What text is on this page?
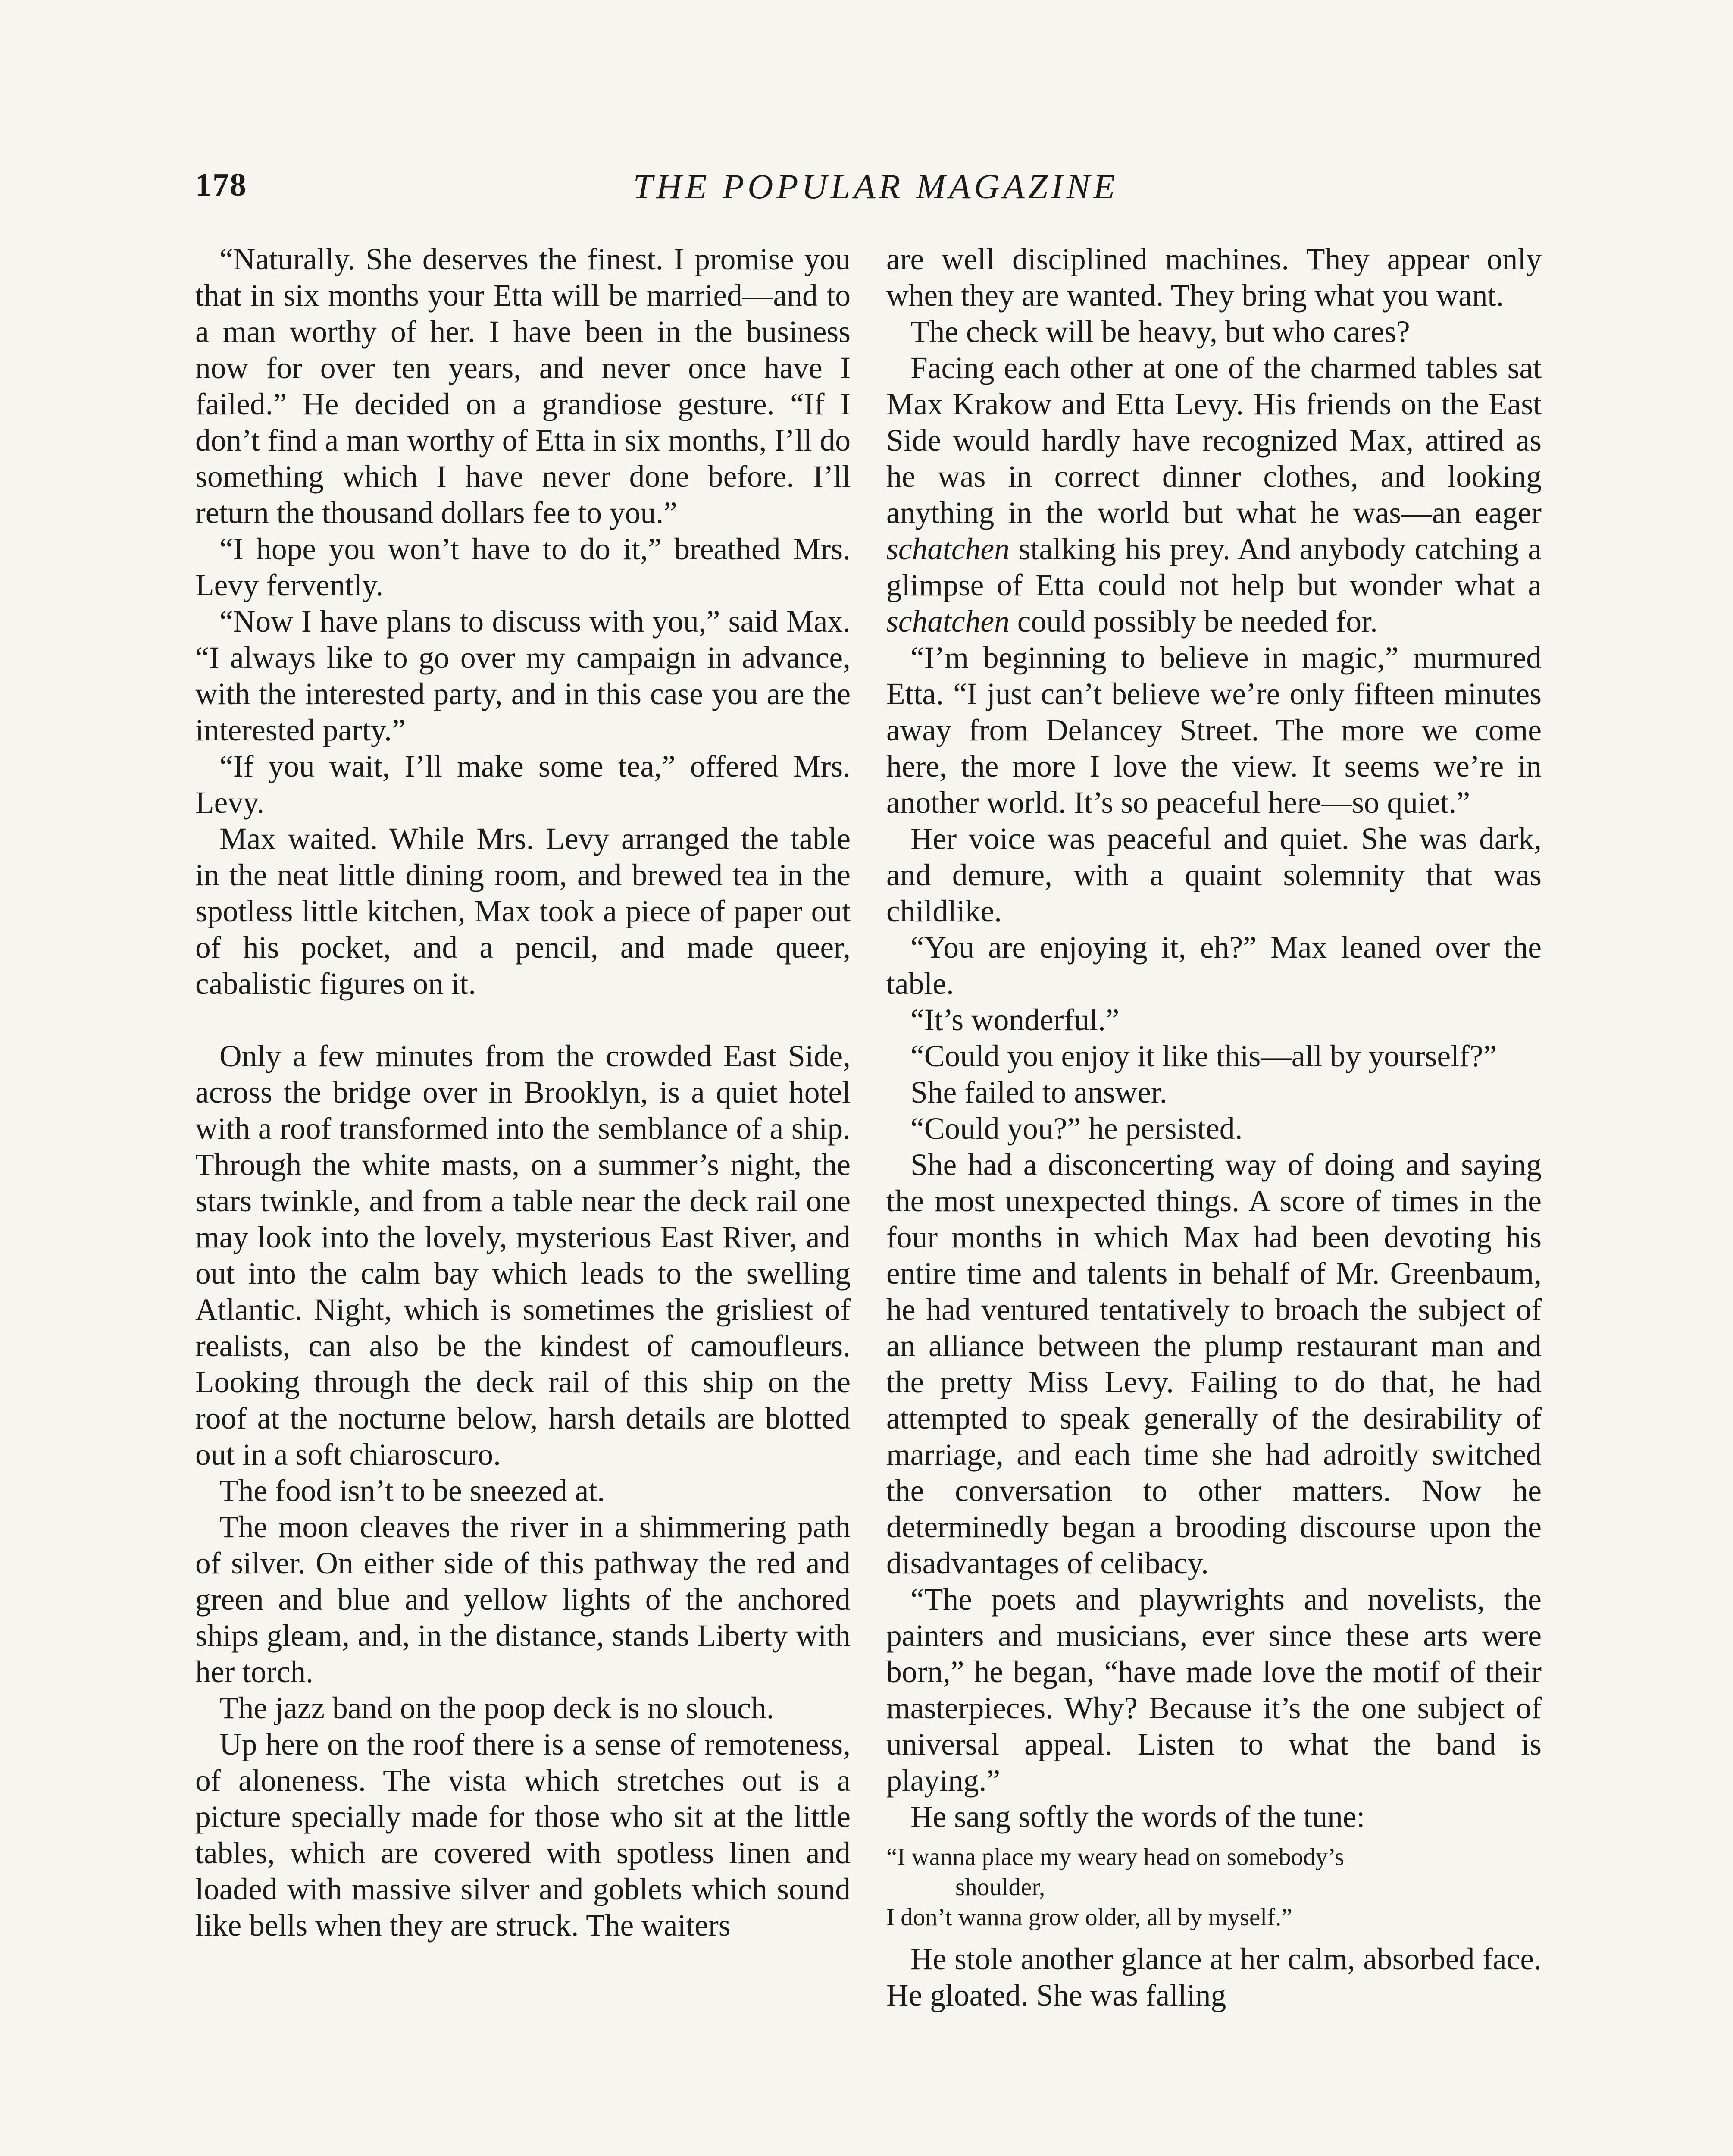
178	THE POPULAR MAGAZINE

“Naturally. She deserves the finest. I promise you that in six months your Etta will be married—and to a man worthy of her. I have been in the business now for over ten years, and never once have I failed.” He decided on a grandiose gesture. “If I don’t find a man worthy of Etta in six months, I’ll do something which I have never done before. I’ll return the thousand dollars fee to you.”

“I hope you won’t have to do it,” breathed Mrs. Levy fervently.

“Now I have plans to discuss with you,” said Max. “I always like to go over my campaign in advance, with the interested party, and in this case you are the interested party.”

“If you wait, I’ll make some tea,” offered Mrs. Levy.

Max waited. While Mrs. Levy arranged the table in the neat little dining room, and brewed tea in the spotless little kitchen, Max took a piece of paper out of his pocket, and a pencil, and made queer, cabalistic figures on it.

Only a few minutes from the crowded East Side, across the bridge over in Brooklyn, is a quiet hotel with a roof transformed into the semblance of a ship. Through the white masts, on a summer’s night, the stars twinkle, and from a table near the deck rail one may look into the lovely, mysterious East River, and out into the calm bay which leads to the swelling Atlantic. Night, which is sometimes the grisliest of realists, can also be the kindest of camoufleurs. Looking through the deck rail of this ship on the roof at the nocturne below, harsh details are blotted out in a soft chiaroscuro.

The food isn’t to be sneezed at.

The moon cleaves the river in a shimmering path of silver. On either side of this pathway the red and green and blue and yellow lights of the anchored ships gleam, and, in the distance, stands Liberty with her torch.

The jazz band on the poop deck is no slouch.

Up here on the roof there is a sense of remoteness, of aloneness. The vista which stretches out is a picture specially made for those who sit at the little tables, which are covered with spotless linen and loaded with massive silver and goblets which sound like bells when they are struck. The waiters

are well disciplined machines. They appear only when they are wanted. They bring what you want.

The check will be heavy, but who cares?

Facing each other at one of the charmed tables sat Max Krakow and Etta Levy. His friends on the East Side would hardly have recognized Max, attired as he was in correct dinner clothes, and looking anything in the world but what he was—an eager schatchen stalking his prey. And anybody catching a glimpse of Etta could not help but wonder what a schatchen could possibly be needed for.

“I’m beginning to believe in magic,” murmured Etta. “I just can’t believe we’re only fifteen minutes away from Delancey Street. The more we come here, the more I love the view. It seems we’re in another world. It’s so peaceful here—so quiet.”

Her voice was peaceful and quiet. She was dark, and demure, with a quaint solemnity that was childlike.

“You are enjoying it, eh?” Max leaned over the table.

“It’s wonderful.”

“Could you enjoy it like this—all by yourself?”

She failed to answer.

“Could you?” he persisted.

She had a disconcerting way of doing and saying the most unexpected things. A score of times in the four months in which Max had been devoting his entire time and talents in behalf of Mr. Greenbaum, he had ventured tentatively to broach the subject of an alliance between the plump restaurant man and the pretty Miss Levy. Failing to do that, he had attempted to speak generally of the desirability of marriage, and each time she had adroitly switched the conversation to other matters. Now he determinedly began a brooding discourse upon the disadvantages of celibacy.

“The poets and playwrights and novelists, the painters and musicians, ever since these arts were born,” he began, “have made love the motif of their masterpieces. Why? Because it’s the one subject of universal appeal. Listen to what the band is playing.”

He sang softly the words of the tune:

“I wanna place my weary head on somebody’s
shoulder,
I don’t wanna grow older, all by myself.”

He stole another glance at her calm, absorbed face. He gloated. She was falling
